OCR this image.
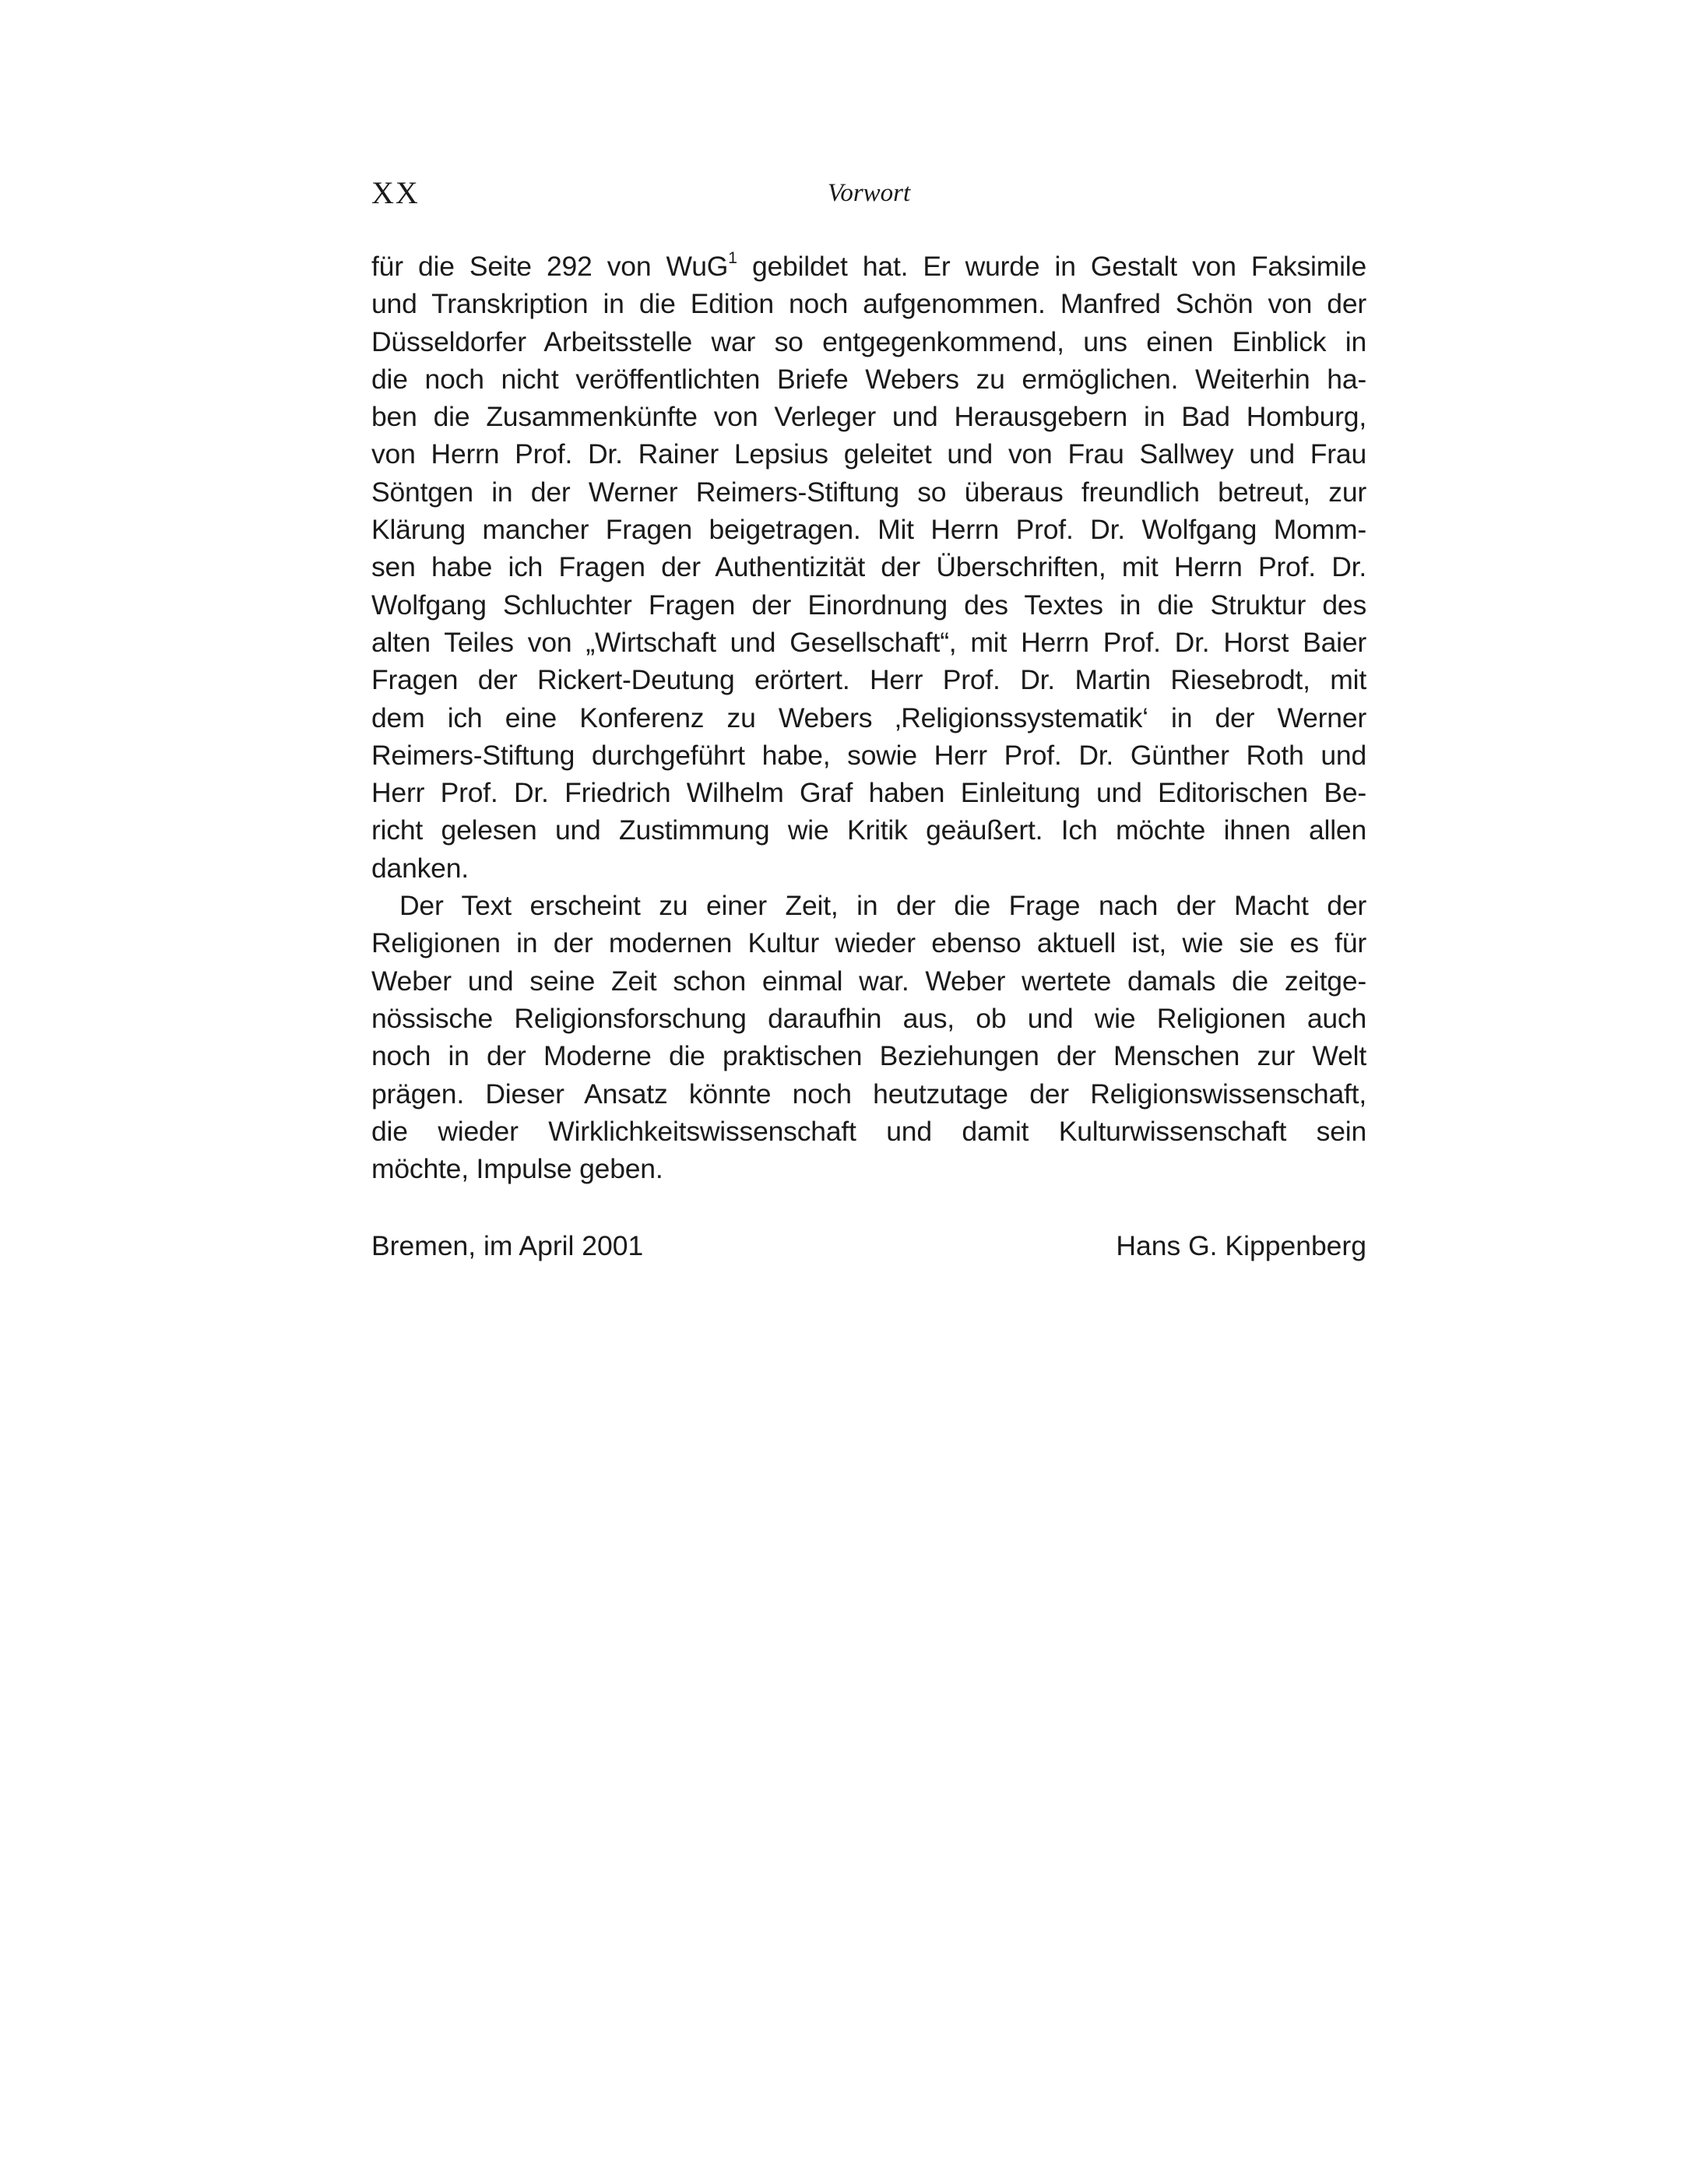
XX	Vorwort
für die Seite 292 von WuG$^1$ gebildet hat. Er wurde in Gestalt von Faksimile
und Transkription in die Edition noch aufgenommen. Manfred Schön von der
Düsseldorfer Arbeitsstelle war so entgegenkommend, uns einen Einblick in
die noch nicht veröffentlichten Briefe Webers zu ermöglichen. Weiterhin ha-
ben die Zusammenkünfte von Verleger und Herausgebern in Bad Homburg,
von Herrn Prof. Dr. Rainer Lepsius geleitet und von Frau Sallwey und Frau
Söntgen in der Werner Reimers-Stiftung so überaus freundlich betreut, zur
Klärung mancher Fragen beigetragen. Mit Herrn Prof. Dr. Wolfgang Momm-
sen habe ich Fragen der Authentizität der Überschriften, mit Herrn Prof. Dr.
Wolfgang Schluchter Fragen der Einordnung des Textes in die Struktur des
alten Teiles von „Wirtschaft und Gesellschaft“, mit Herrn Prof. Dr. Horst Baier
Fragen der Rickert-Deutung erörtert. Herr Prof. Dr. Martin Riesebrodt, mit
dem ich eine Konferenz zu Webers ‚Religionssystematik‘ in der Werner
Reimers-Stiftung durchgeführt habe, sowie Herr Prof. Dr. Günther Roth und
Herr Prof. Dr. Friedrich Wilhelm Graf haben Einleitung und Editorischen Be-
richt gelesen und Zustimmung wie Kritik geäußert. Ich möchte ihnen allen
danken.
Der Text erscheint zu einer Zeit, in der die Frage nach der Macht der
Religionen in der modernen Kultur wieder ebenso aktuell ist, wie sie es für
Weber und seine Zeit schon einmal war. Weber wertete damals die zeitge-
nössische Religionsforschung daraufhin aus, ob und wie Religionen auch
noch in der Moderne die praktischen Beziehungen der Menschen zur Welt
prägen. Dieser Ansatz könnte noch heutzutage der Religionswissenschaft,
die wieder Wirklichkeitswissenschaft und damit Kulturwissenschaft sein
möchte, Impulse geben.
Bremen, im April 2001	Hans G. Kippenberg
